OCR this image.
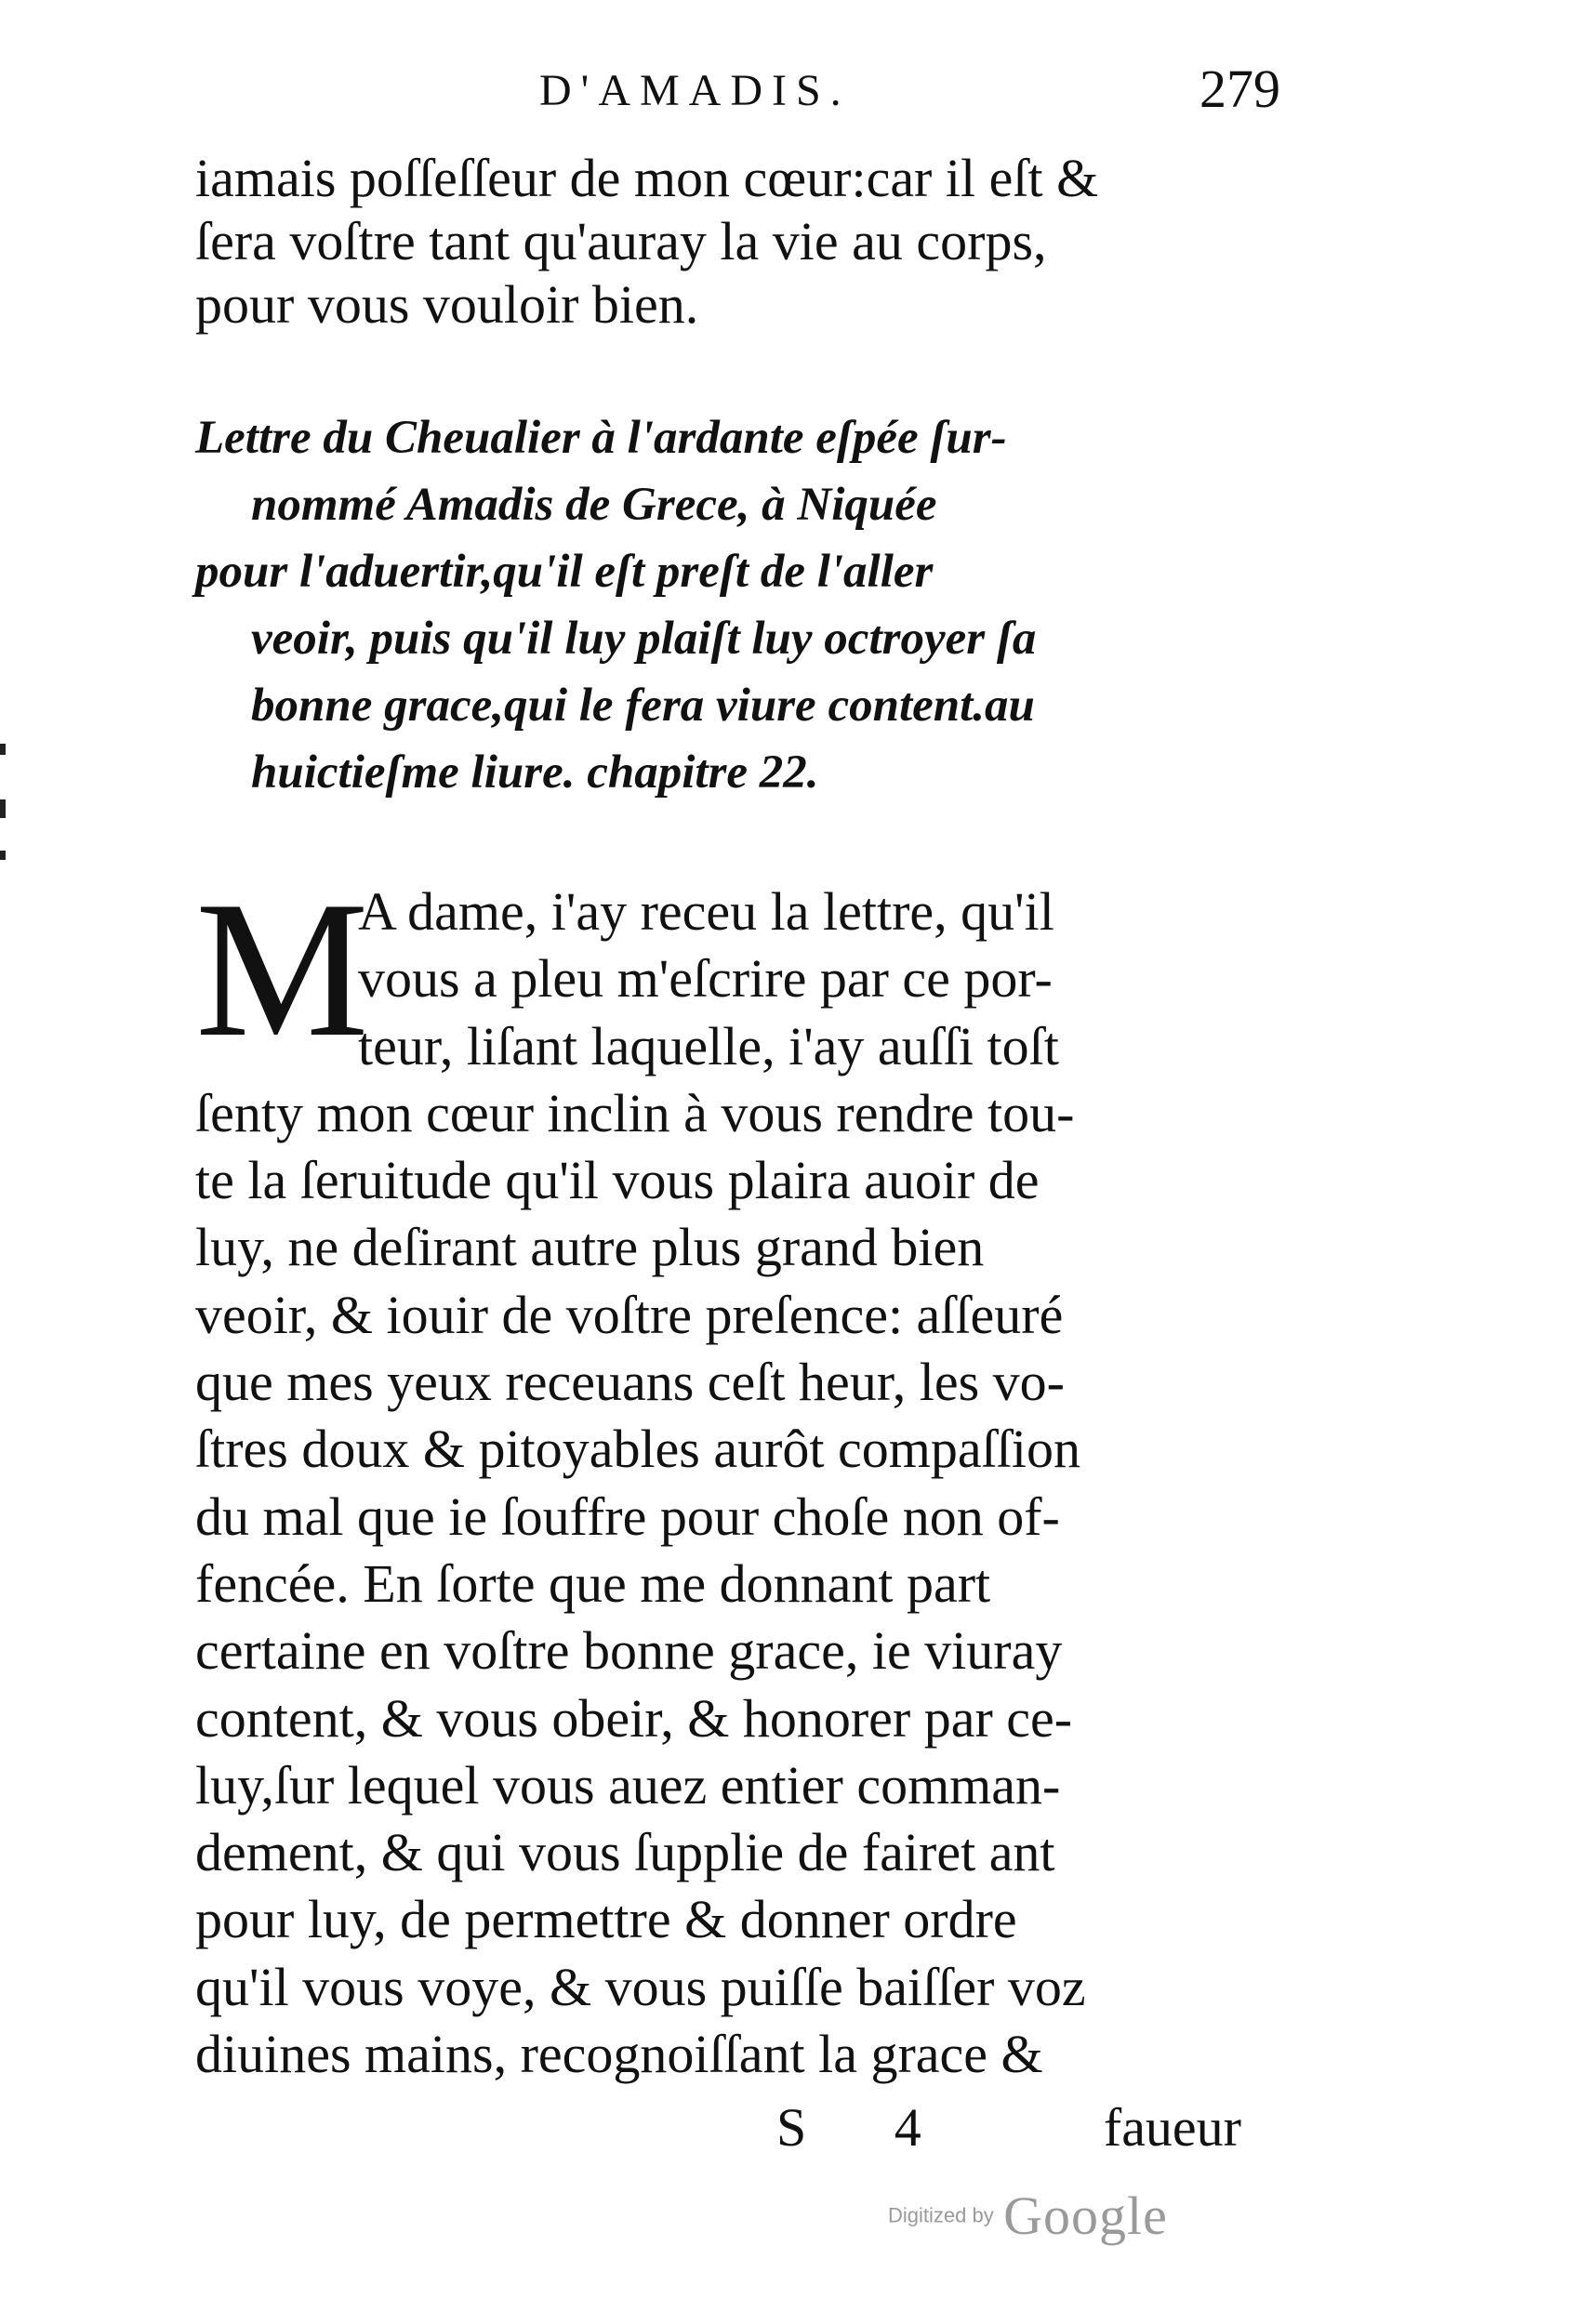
D'AMADIS.	279
iamais poſſeſſeur de mon cœur:car il eſt &
ſera voſtre tant qu'auray la vie au corps,
pour vous vouloir bien.
Lettre du Cheualier à l'ardante eſpée ſur-
nommé Amadis de Grece, à Niquée
pour l'aduertir,qu'il eſt preſt de l'aller
veoir, puis qu'il luy plaiſt luy octroyer ſa
bonne grace,qui le fera viure content.au
huictieſme liure. chapitre 22.
M
A dame, i'ay receu la lettre, qu'il
vous a pleu m'eſcrire par ce por-
teur, liſant laquelle, i'ay auſſi toſt
ſenty mon cœur inclin à vous rendre tou-
te la ſeruitude qu'il vous plaira auoir de
luy, ne deſirant autre plus grand bien
veoir, & iouir de voſtre preſence: aſſeuré
que mes yeux receuans ceſt heur, les vo-
ſtres doux & pitoyables aurôt compaſſion
du mal que ie ſouffre pour choſe non of-
fencée. En ſorte que me donnant part
certaine en voſtre bonne grace, ie viuray
content, & vous obeir, & honorer par ce-
luy,ſur lequel vous auez entier comman-
dement, & qui vous ſupplie de fairet ant
pour luy, de permettre & donner ordre
qu'il vous voye, & vous puiſſe baiſſer voz
diuines mains, recognoiſſant la grace &
S 4	faueur
Digitized by Google
